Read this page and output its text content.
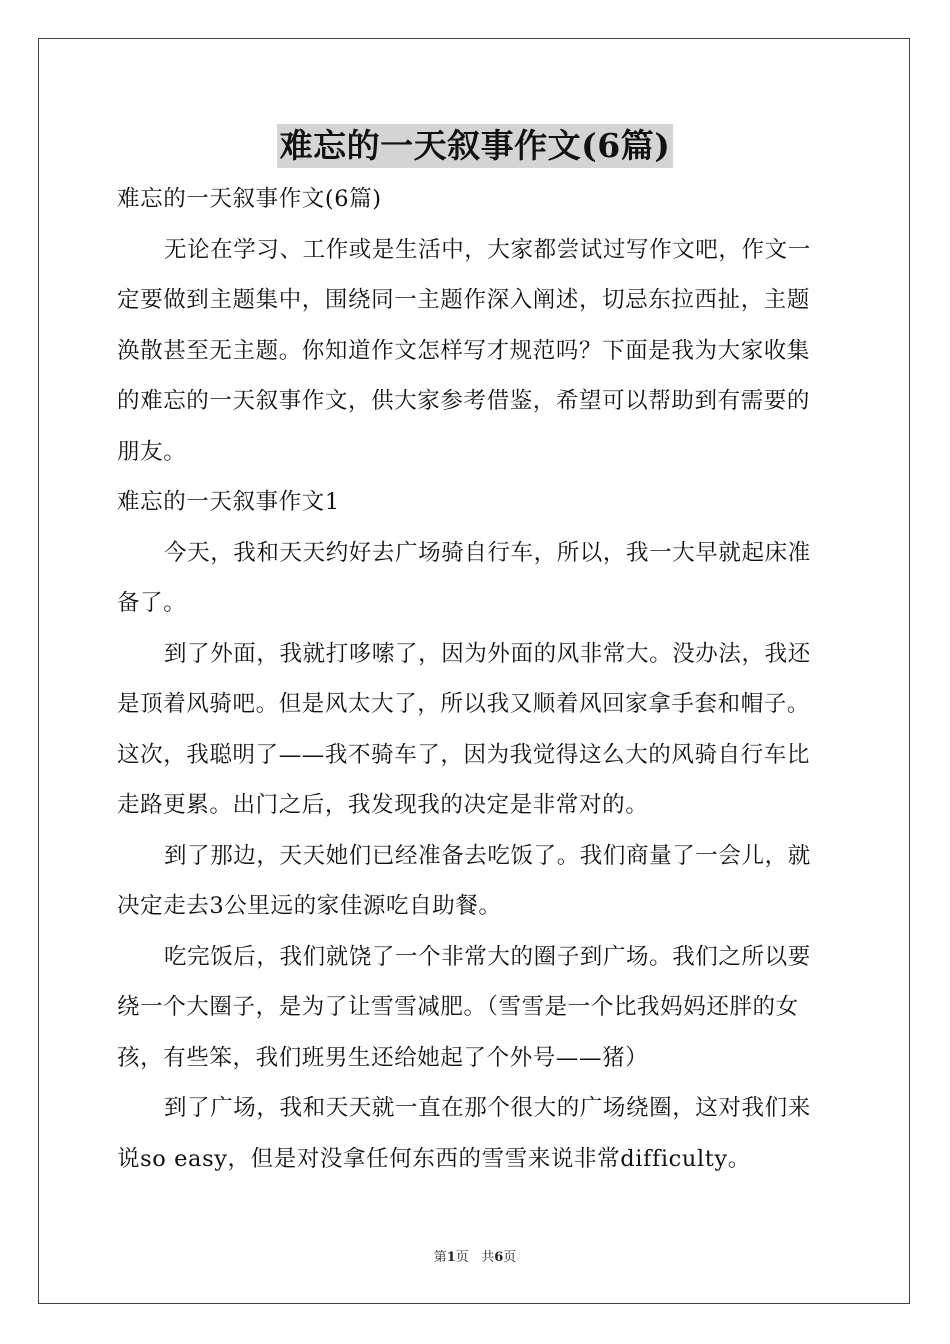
难忘的一天叙事作文(6篇)
难忘的一天叙事作文(6篇)
无论在学习、工作或是生活中，大家都尝试过写作文吧，作文一
定要做到主题集中，围绕同一主题作深入阐述，切忌东拉西扯，主题
涣散甚至无主题。你知道作文怎样写才规范吗？下面是我为大家收集
的难忘的一天叙事作文，供大家参考借鉴，希望可以帮助到有需要的
朋友。
难忘的一天叙事作文1
今天，我和天天约好去广场骑自行车，所以，我一大早就起床准
备了。
到了外面，我就打哆嗦了，因为外面的风非常大。没办法，我还
是顶着风骑吧。但是风太大了，所以我又顺着风回家拿手套和帽子。
这次，我聪明了——我不骑车了，因为我觉得这么大的风骑自行车比
走路更累。出门之后，我发现我的决定是非常对的。
到了那边，天天她们已经准备去吃饭了。我们商量了一会儿，就
决定走去3公里远的家佳源吃自助餐。
吃完饭后，我们就饶了一个非常大的圈子到广场。我们之所以要
绕一个大圈子，是为了让雪雪减肥。（雪雪是一个比我妈妈还胖的女
孩，有些笨，我们班男生还给她起了个外号——猪）
到了广场，我和天天就一直在那个很大的广场绕圈，这对我们来
说so easy，但是对没拿任何东西的雪雪来说非常difficulty。
第1页 共6页
